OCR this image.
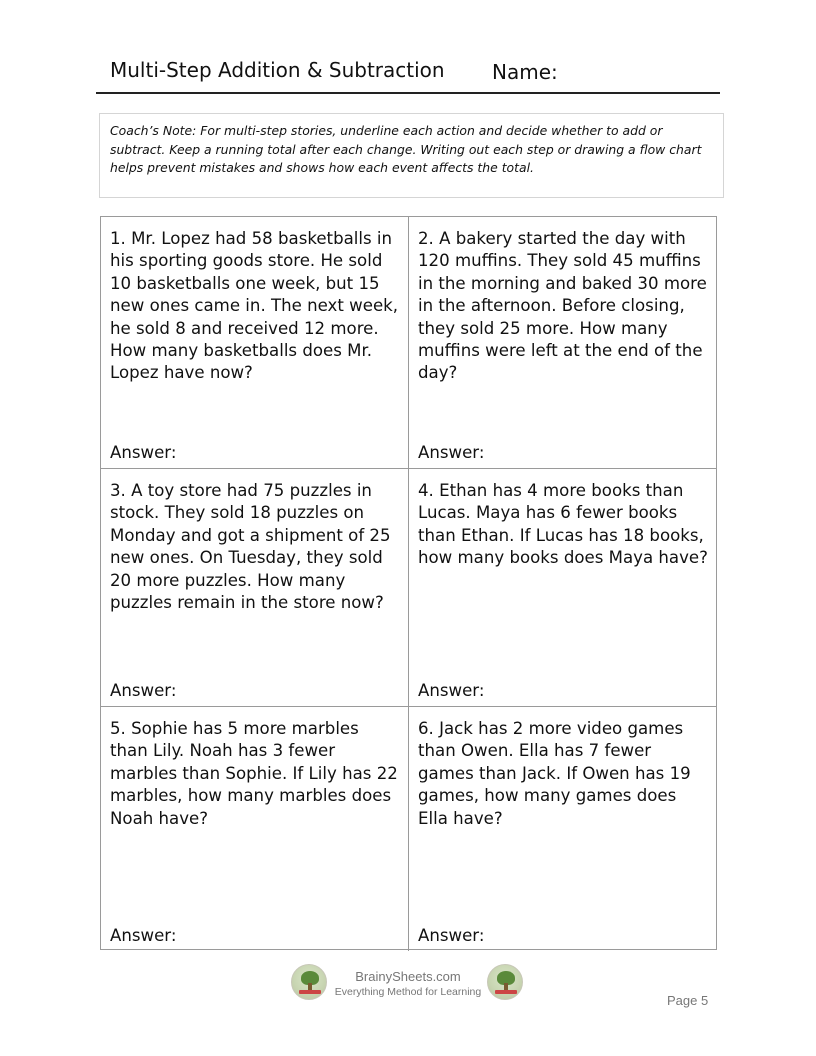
Multi-Step Addition & Subtraction Name:
Coach’s Note: For multi-step stories, underline each action and decide whether to add or subtract. Keep a running total after each change. Writing out each step or drawing a flow chart helps prevent mistakes and shows how each event affects the total.
1. Mr. Lopez had 58 basketballs in his sporting goods store. He sold 10 basketballs one week, but 15 new ones came in. The next week, he sold 8 and received 12 more. How many basketballs does Mr. Lopez have now?
Answer:
2. A bakery started the day with 120 muffins. They sold 45 muffins in the morning and baked 30 more in the afternoon. Before closing, they sold 25 more. How many muffins were left at the end of the day?
Answer:
3. A toy store had 75 puzzles in stock. They sold 18 puzzles on Monday and got a shipment of 25 new ones. On Tuesday, they sold 20 more puzzles. How many puzzles remain in the store now?
Answer:
4. Ethan has 4 more books than Lucas. Maya has 6 fewer books than Ethan. If Lucas has 18 books, how many books does Maya have?
Answer:
5. Sophie has 5 more marbles than Lily. Noah has 3 fewer marbles than Sophie. If Lily has 22 marbles, how many marbles does Noah have?
Answer:
6. Jack has 2 more video games than Owen. Ella has 7 fewer games than Jack. If Owen has 19 games, how many games does Ella have?
Answer:
BrainySheets.com
Everything Method for Learning
Page 5
